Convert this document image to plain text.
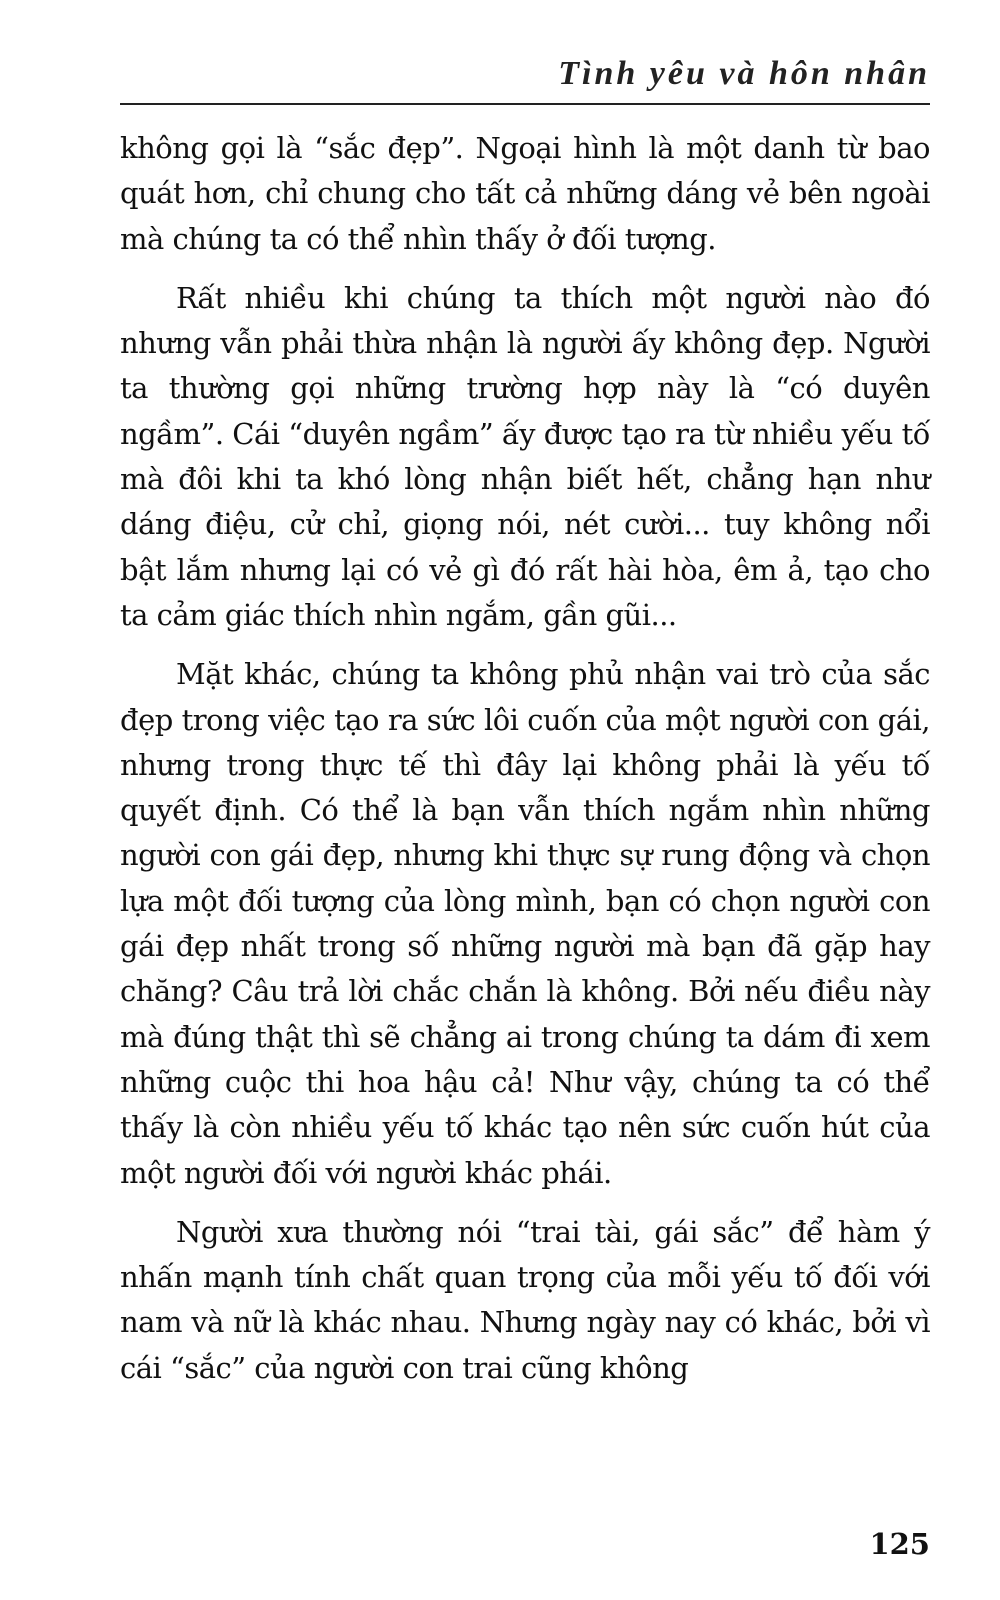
Tình yêu và hôn nhân

không gọi là “sắc đẹp”. Ngoại hình là một danh từ bao quát hơn, chỉ chung cho tất cả những dáng vẻ bên ngoài mà chúng ta có thể nhìn thấy ở đối tượng.

Rất nhiều khi chúng ta thích một người nào đó nhưng vẫn phải thừa nhận là người ấy không đẹp. Người ta thường gọi những trường hợp này là “có duyên ngầm”. Cái “duyên ngầm” ấy được tạo ra từ nhiều yếu tố mà đôi khi ta khó lòng nhận biết hết, chẳng hạn như dáng điệu, cử chỉ, giọng nói, nét cười... tuy không nổi bật lắm nhưng lại có vẻ gì đó rất hài hòa, êm ả, tạo cho ta cảm giác thích nhìn ngắm, gần gũi...

Mặt khác, chúng ta không phủ nhận vai trò của sắc đẹp trong việc tạo ra sức lôi cuốn của một người con gái, nhưng trong thực tế thì đây lại không phải là yếu tố quyết định. Có thể là bạn vẫn thích ngắm nhìn những người con gái đẹp, nhưng khi thực sự rung động và chọn lựa một đối tượng của lòng mình, bạn có chọn người con gái đẹp nhất trong số những người mà bạn đã gặp hay chăng? Câu trả lời chắc chắn là không. Bởi nếu điều này mà đúng thật thì sẽ chẳng ai trong chúng ta dám đi xem những cuộc thi hoa hậu cả! Như vậy, chúng ta có thể thấy là còn nhiều yếu tố khác tạo nên sức cuốn hút của một người đối với người khác phái.

Người xưa thường nói “trai tài, gái sắc” để hàm ý nhấn mạnh tính chất quan trọng của mỗi yếu tố đối với nam và nữ là khác nhau. Nhưng ngày nay có khác, bởi vì cái “sắc” của người con trai cũng không

125
